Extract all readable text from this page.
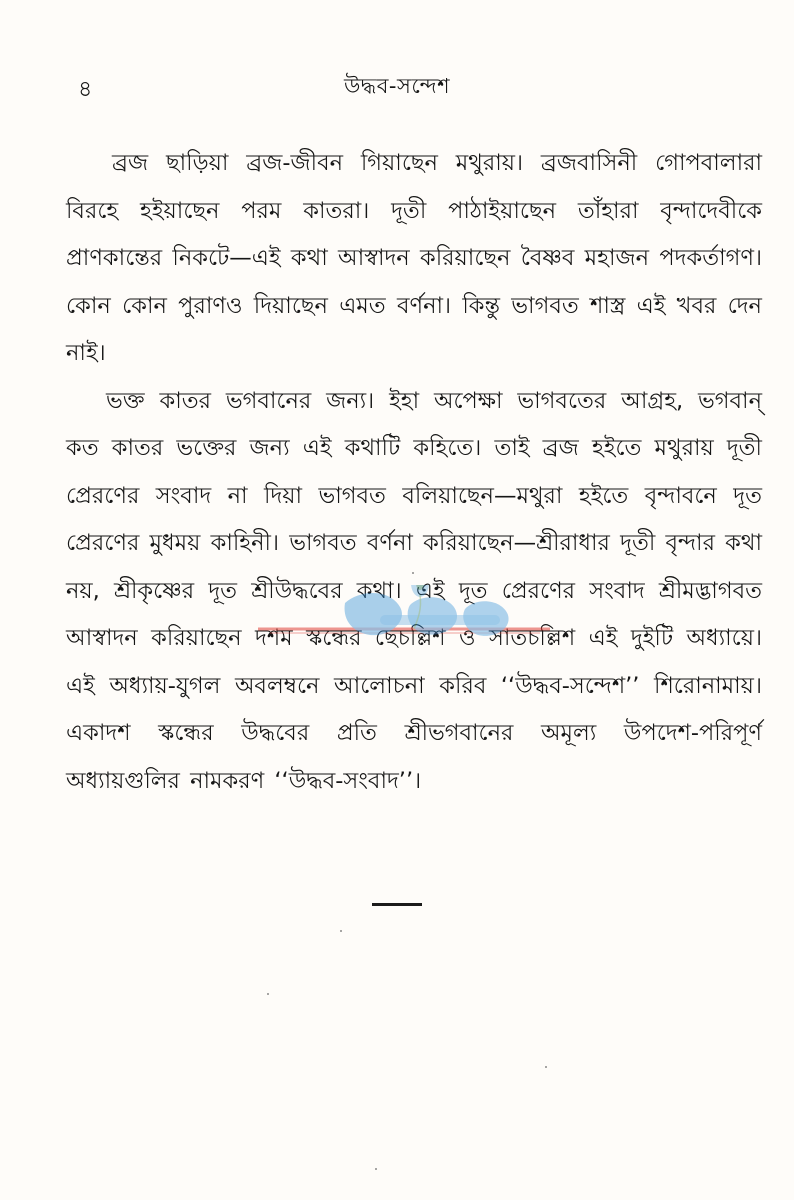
৪	উদ্ধব-সন্দেশ

ব্রজ ছাড়িয়া ব্রজ-জীবন গিয়াছেন মথুরায়। ব্রজবাসিনী গোপবালারা বিরহে হইয়াছেন পরম কাতরা। দূতী পাঠাইয়াছেন তাঁহারা বৃন্দাদেবীকে প্রাণকান্তের নিকটে—এই কথা আস্বাদন করিয়াছেন বৈষ্ণব মহাজন পদকর্তাগণ। কোন কোন পুরাণও দিয়াছেন এমত বর্ণনা। কিন্তু ভাগবত শাস্ত্র এই খবর দেন নাই।

ভক্ত কাতর ভগবানের জন্য। ইহা অপেক্ষা ভাগবতের আগ্রহ, ভগবান্ কত কাতর ভক্তের জন্য এই কথাটি কহিতে। তাই ব্রজ হইতে মথুরায় দূতী প্রেরণের সংবাদ না দিয়া ভাগবত বলিয়াছেন—মথুরা হইতে বৃন্দাবনে দূত প্রেরণের মুধময় কাহিনী। ভাগবত বর্ণনা করিয়াছেন—শ্রীরাধার দূতী বৃন্দার কথা নয়, শ্রীকৃষ্ণের দূত শ্রীউদ্ধবের কথা। এই দূত প্রেরণের সংবাদ শ্রীমদ্ভাগবত আস্বাদন করিয়াছেন দশম স্কন্ধের ছেচল্লিশ ও সাতচল্লিশ এই দুইটি অধ্যায়ে। এই অধ্যায়-যুগল অবলম্বনে আলোচনা করিব ‘‘উদ্ধব-সন্দেশ’’ শিরোনামায়। একাদশ স্কন্ধের উদ্ধবের প্রতি শ্রীভগবানের অমূল্য উপদেশ-পরিপূর্ণ অধ্যায়গুলির নামকরণ ‘‘উদ্ধব-সংবাদ’’।
